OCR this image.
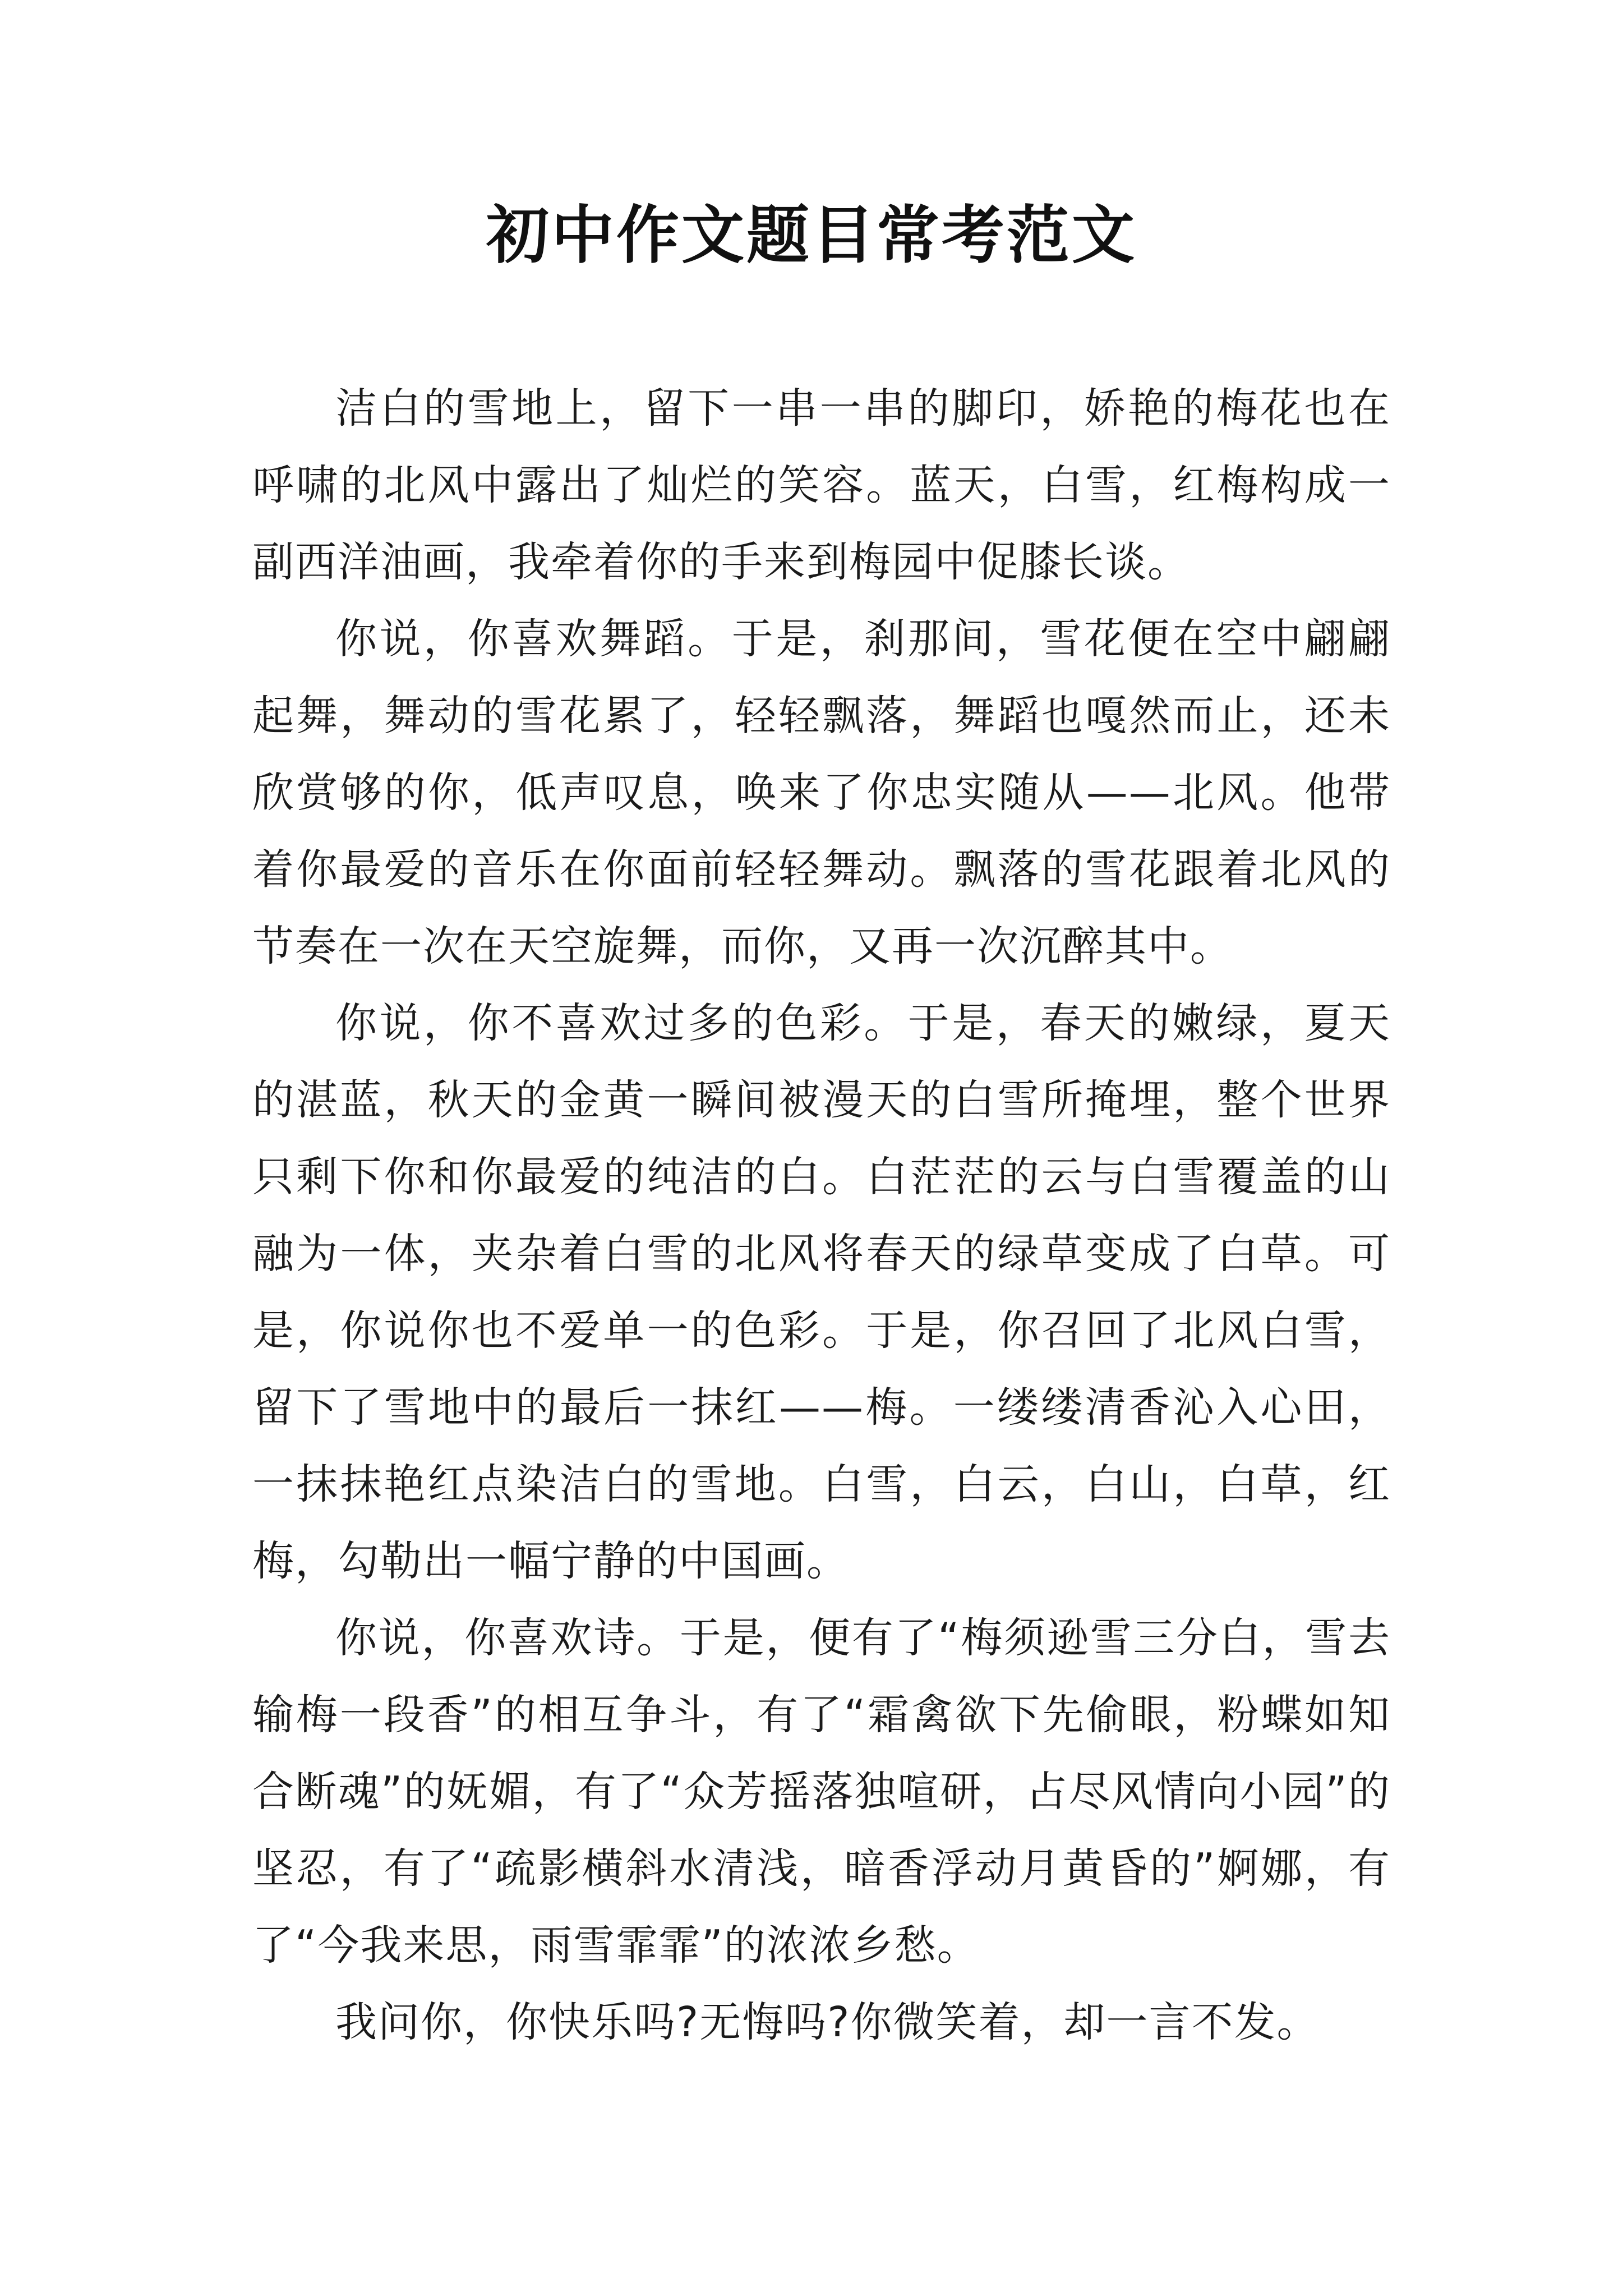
初中作文题目常考范文

洁白的雪地上，留下一串一串的脚印，娇艳的梅花也在呼啸的北风中露出了灿烂的笑容。蓝天，白雪，红梅构成一副西洋油画，我牵着你的手来到梅园中促膝长谈。

你说，你喜欢舞蹈。于是，刹那间，雪花便在空中翩翩起舞，舞动的雪花累了，轻轻飘落，舞蹈也嘎然而止，还未欣赏够的你，低声叹息，唤来了你忠实随从——北风。他带着你最爱的音乐在你面前轻轻舞动。飘落的雪花跟着北风的节奏在一次在天空旋舞，而你，又再一次沉醉其中。

你说，你不喜欢过多的色彩。于是，春天的嫩绿，夏天的湛蓝，秋天的金黄一瞬间被漫天的白雪所掩埋，整个世界只剩下你和你最爱的纯洁的白。白茫茫的云与白雪覆盖的山融为一体，夹杂着白雪的北风将春天的绿草变成了白草。可是，你说你也不爱单一的色彩。于是，你召回了北风白雪，留下了雪地中的最后一抹红——梅。一缕缕清香沁入心田，一抹抹艳红点染洁白的雪地。白雪，白云，白山，白草，红梅，勾勒出一幅宁静的中国画。

你说，你喜欢诗。于是，便有了“梅须逊雪三分白，雪去输梅一段香”的相互争斗，有了“霜禽欲下先偷眼，粉蝶如知合断魂”的妩媚，有了“众芳摇落独喧研，占尽风情向小园”的坚忍，有了“疏影横斜水清浅，暗香浮动月黄昏的”婀娜，有了“今我来思，雨雪霏霏”的浓浓乡愁。

我问你，你快乐吗?无悔吗?你微笑着，却一言不发。
